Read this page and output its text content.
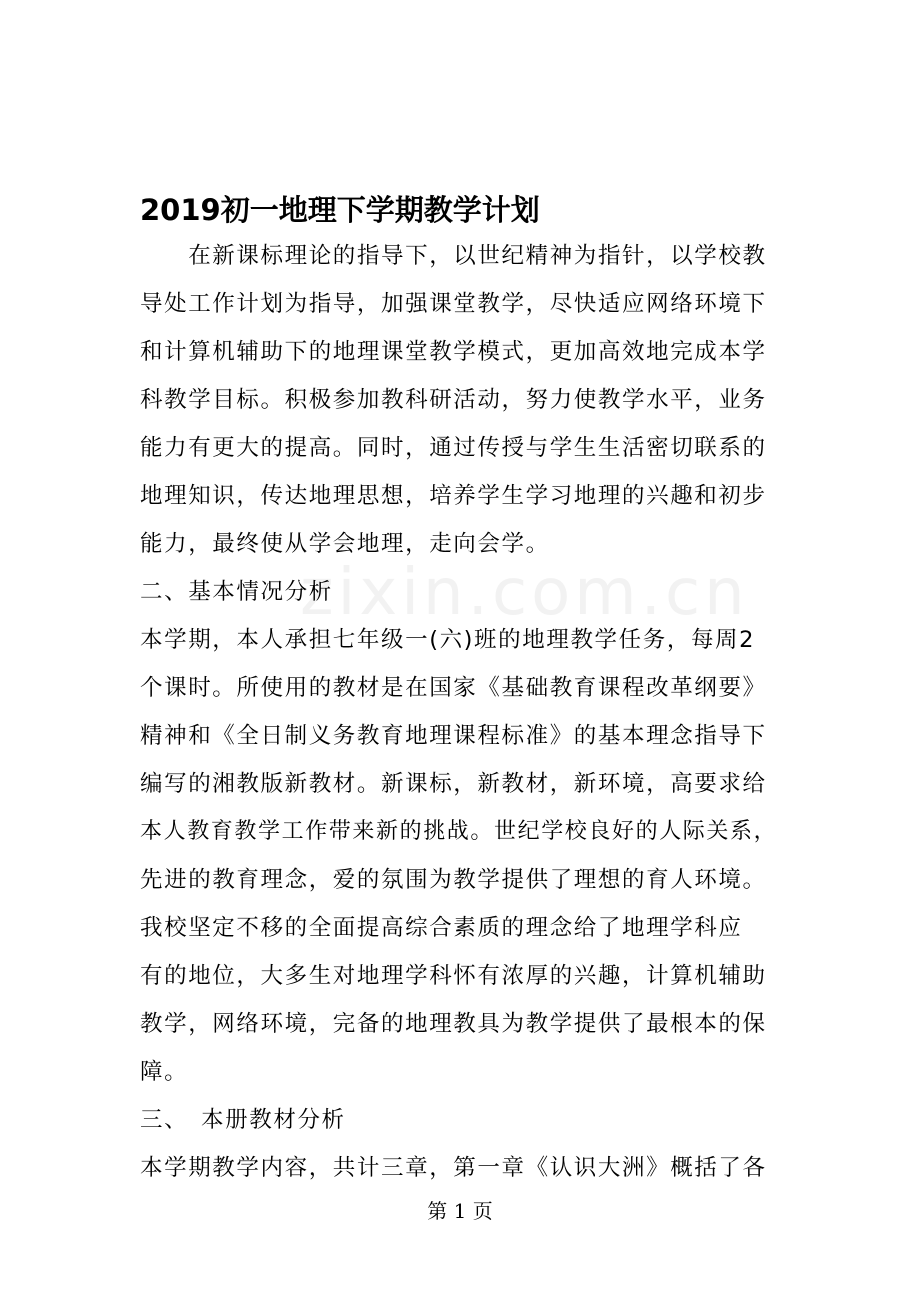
zixin.com.cn
2019初一地理下学期教学计划
　　在新课标理论的指导下，以世纪精神为指针，以学校教
导处工作计划为指导，加强课堂教学，尽快适应网络环境下
和计算机辅助下的地理课堂教学模式，更加高效地完成本学
科教学目标。积极参加教科研活动，努力使教学水平，业务
能力有更大的提高。同时，通过传授与学生生活密切联系的
地理知识，传达地理思想，培养学生学习地理的兴趣和初步
能力，最终使从学会地理，走向会学。
二、基本情况分析
本学期，本人承担七年级一(六)班的地理教学任务，每周2
个课时。所使用的教材是在国家《基础教育课程改革纲要》
精神和《全日制义务教育地理课程标准》的基本理念指导下
编写的湘教版新教材。新课标，新教材，新环境，高要求给
本人教育教学工作带来新的挑战。世纪学校良好的人际关系，
先进的教育理念，爱的氛围为教学提供了理想的育人环境。
我校坚定不移的全面提高综合素质的理念给了地理学科应
有的地位，大多生对地理学科怀有浓厚的兴趣，计算机辅助
教学，网络环境，完备的地理教具为教学提供了最根本的保
障。
三、　本册教材分析
本学期教学内容，共计三章，第一章《认识大洲》概括了各
第 1 页
